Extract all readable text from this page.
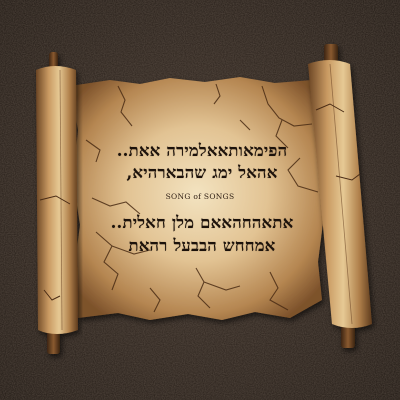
הפימאותאאלמירה אאת..
אהאל ימג שהבארהיא,
SONG of SONGS
אתאהחהאאם מלן חאלית..
אמחחש הבבעל רהאת
